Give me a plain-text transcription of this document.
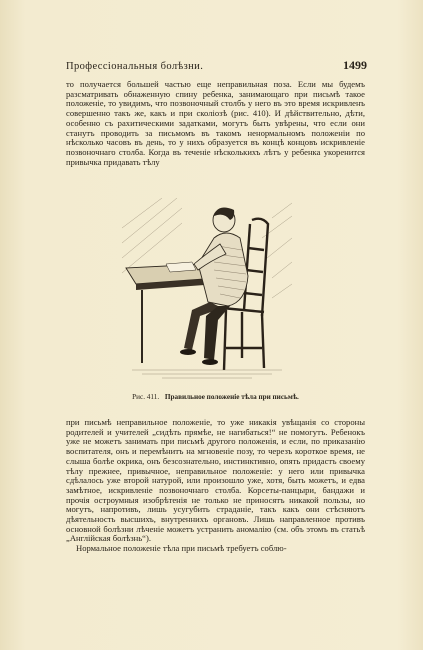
Профессіональныя болѣзни.	1499

то получается большей частью еще неправильная поза. Если мы будемъ разсматривать обнаженную спину ребенка, занимающаго при письмѣ такое положеніе, то увидимъ, что позвоночный столбъ у него въ это время искривленъ совершенно такъ же, какъ и при сколіозѣ (рис. 410). И дѣйствительно, дѣти, особенно съ рахитическими задатками, могутъ быть увѣрены, что если они станутъ проводить за письмомъ въ такомъ ненормальномъ положеніи по нѣсколько часовъ въ день, то у нихъ образуется въ концѣ концовъ искривленіе позвоночнаго столба. Когда въ теченіе нѣсколькихъ лѣтъ у ребенка укоренится привычка придавать тѣлу

Рис. 411. Правильное положеніе тѣла при письмѣ.

при письмѣ неправильное положеніе, то уже никакія увѣщанія со стороны родителей и учителей „сидѣть прямѣе, не нагибаться!“ не помогутъ. Ребенокъ уже не можетъ занимать при письмѣ другого положенія, и если, по приказанію воспитателя, онъ и перемѣнитъ на мгновеніе позу, то черезъ короткое время, не слыша болѣе окрика, онъ безсознательно, инстинктивно, опять придастъ своему тѣлу прежнее, привычное, неправильное положеніе: у него или привычка сдѣлалось уже второй натурой, или произошло уже, хотя, быть можетъ, и едва замѣтное, искривленіе позвоночнаго столба. Корсеты-панцыри, бандажи и прочія остроумныя изобрѣтенія не только не приносятъ никакой пользы, но могутъ, напротивъ, лишь усугубить страданіе, такъ какъ они стѣсняютъ дѣятельность высшихъ, внутреннихъ органовъ. Лишь направленное противъ основной болѣзни лѣченіе можетъ устранить аномалію (см. объ этомъ въ статьѣ „Англійская болѣзнь“).

Нормальное положеніе тѣла при письмѣ требуетъ соблю-
